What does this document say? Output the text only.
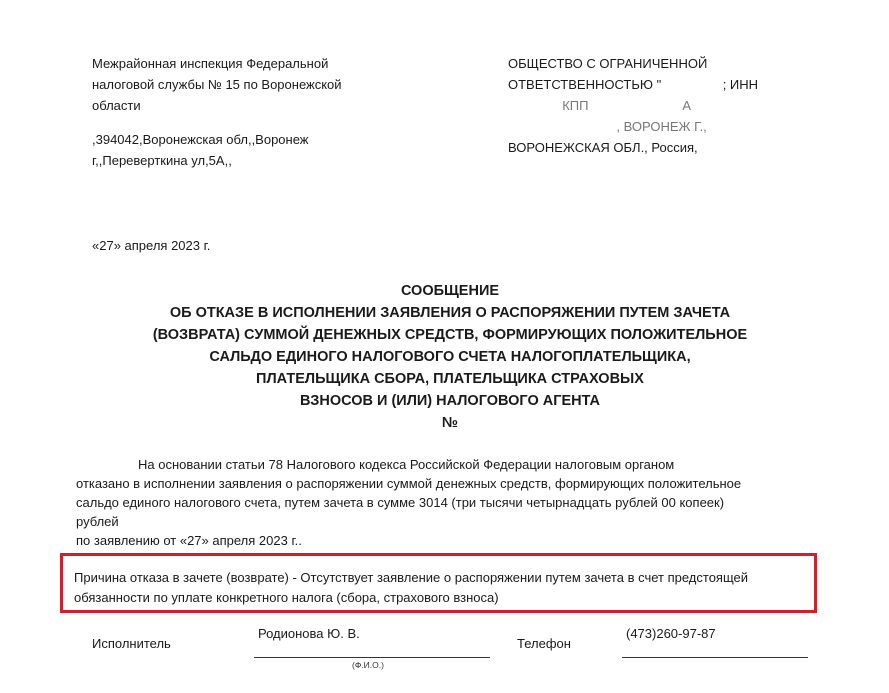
Межрайонная инспекция Федеральной
налоговой службы № 15 по Воронежской
области
,394042,Воронежская обл,,Воронеж
г,,Переверткина ул,5А,,
ОБЩЕСТВО С ОГРАНИЧЕННОЙ
ОТВЕТСТВЕННОСТЬЮ "	; ИНН
КПП	А
, ВОРОНЕЖ Г.,
ВОРОНЕЖСКАЯ ОБЛ., Россия,
«27» апреля 2023 г.
СООБЩЕНИЕ
ОБ ОТКАЗЕ В ИСПОЛНЕНИИ ЗАЯВЛЕНИЯ О РАСПОРЯЖЕНИИ ПУТЕМ ЗАЧЕТА
(ВОЗВРАТА) СУММОЙ ДЕНЕЖНЫХ СРЕДСТВ, ФОРМИРУЮЩИХ ПОЛОЖИТЕЛЬНОЕ
САЛЬДО ЕДИНОГО НАЛОГОВОГО СЧЕТА НАЛОГОПЛАТЕЛЬЩИКА,
ПЛАТЕЛЬЩИКА СБОРА, ПЛАТЕЛЬЩИКА СТРАХОВЫХ
ВЗНОСОВ И (ИЛИ) НАЛОГОВОГО АГЕНТА
№
На основании статьи 78 Налогового кодекса Российской Федерации налоговым органом
отказано в исполнении заявления о распоряжении суммой денежных средств, формирующих положительное
сальдо единого налогового счета, путем зачета в сумме 3014 (три тысячи четырнадцать рублей 00 копеек)
рублей
по заявлению от «27» апреля 2023 г..
Причина отказа в зачете (возврате) - Отсутствует заявление о распоряжении путем зачета в счет предстоящей
обязанности по уплате конкретного налога (сбора, страхового взноса)
Исполнитель
Родионова Ю. В.
(Ф.И.О.)
Телефон
(473)260-97-87
